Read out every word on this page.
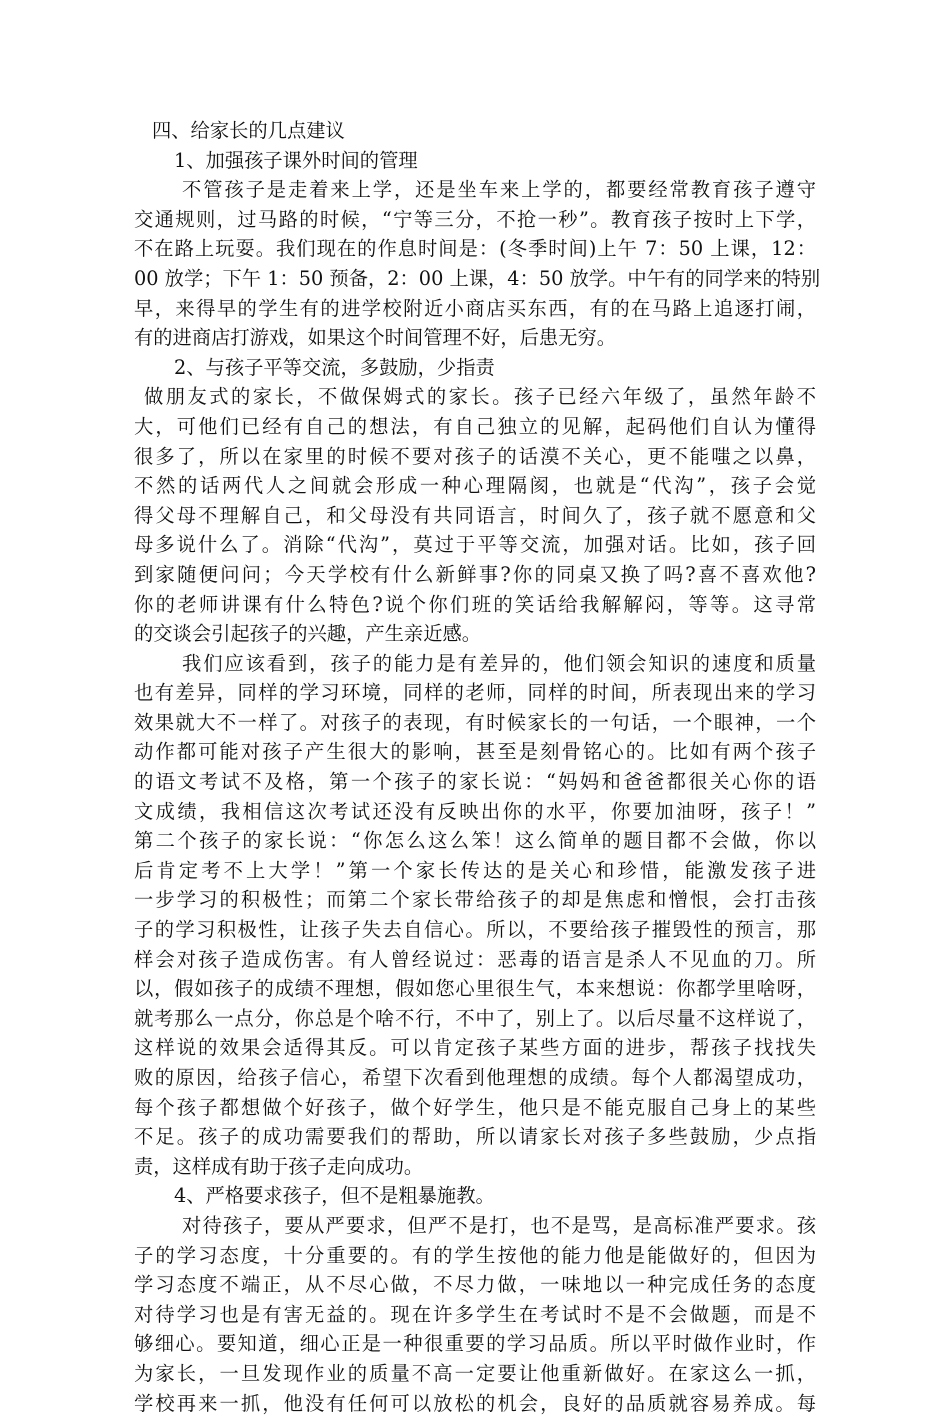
四、给家长的几点建议
1、加强孩子课外时间的管理
不管孩子是走着来上学，还是坐车来上学的，都要经常教育孩子遵守
交通规则，过马路的时候，“宁等三分，不抢一秒”。教育孩子按时上下学，
不在路上玩耍。我们现在的作息时间是：(冬季时间)上午 7：50 上课，12：
00 放学；下午 1：50 预备，2：00 上课，4：50 放学。中午有的同学来的特别
早，来得早的学生有的进学校附近小商店买东西，有的在马路上追逐打闹，
有的进商店打游戏，如果这个时间管理不好，后患无穷。
2、与孩子平等交流，多鼓励，少指责
做朋友式的家长，不做保姆式的家长。孩子已经六年级了，虽然年龄不
大，可他们已经有自己的想法，有自己独立的见解，起码他们自认为懂得
很多了，所以在家里的时候不要对孩子的话漠不关心，更不能嗤之以鼻，
不然的话两代人之间就会形成一种心理隔阂，也就是“代沟”，孩子会觉
得父母不理解自己，和父母没有共同语言，时间久了，孩子就不愿意和父
母多说什么了。消除“代沟”，莫过于平等交流，加强对话。比如，孩子回
到家随便问问；今天学校有什么新鲜事?你的同桌又换了吗?喜不喜欢他?
你的老师讲课有什么特色?说个你们班的笑话给我解解闷，等等。这寻常
的交谈会引起孩子的兴趣，产生亲近感。
我们应该看到，孩子的能力是有差异的，他们领会知识的速度和质量
也有差异，同样的学习环境，同样的老师，同样的时间，所表现出来的学习
效果就大不一样了。对孩子的表现，有时候家长的一句话，一个眼神，一个
动作都可能对孩子产生很大的影响，甚至是刻骨铭心的。比如有两个孩子
的语文考试不及格，第一个孩子的家长说：“妈妈和爸爸都很关心你的语
文成绩，我相信这次考试还没有反映出你的水平，你要加油呀，孩子！”
第二个孩子的家长说：“你怎么这么笨！这么简单的题目都不会做，你以
后肯定考不上大学！”第一个家长传达的是关心和珍惜，能激发孩子进
一步学习的积极性；而第二个家长带给孩子的却是焦虑和憎恨，会打击孩
子的学习积极性，让孩子失去自信心。所以，不要给孩子摧毁性的预言，那
样会对孩子造成伤害。有人曾经说过：恶毒的语言是杀人不见血的刀。所
以，假如孩子的成绩不理想，假如您心里很生气，本来想说：你都学里啥呀，
就考那么一点分，你总是个啥不行，不中了，别上了。以后尽量不这样说了，
这样说的效果会适得其反。可以肯定孩子某些方面的进步，帮孩子找找失
败的原因，给孩子信心，希望下次看到他理想的成绩。每个人都渴望成功，
每个孩子都想做个好孩子，做个好学生，他只是不能克服自己身上的某些
不足。孩子的成功需要我们的帮助，所以请家长对孩子多些鼓励，少点指
责，这样成有助于孩子走向成功。
4、严格要求孩子，但不是粗暴施教。
对待孩子，要从严要求，但严不是打，也不是骂，是高标准严要求。孩
子的学习态度，十分重要的。有的学生按他的能力他是能做好的，但因为
学习态度不端正，从不尽心做，不尽力做，一味地以一种完成任务的态度
对待学习也是有害无益的。现在许多学生在考试时不是不会做题，而是不
够细心。要知道，细心正是一种很重要的学习品质。所以平时做作业时，作
为家长，一旦发现作业的质量不高一定要让他重新做好。在家这么一抓，
学校再来一抓，他没有任何可以放松的机会，良好的品质就容易养成。每
